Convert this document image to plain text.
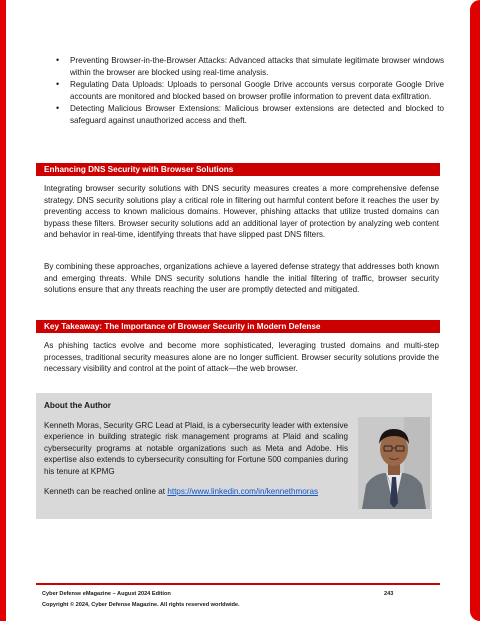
• Preventing Browser-in-the-Browser Attacks: Advanced attacks that simulate legitimate browser windows within the browser are blocked using real-time analysis.
• Regulating Data Uploads: Uploads to personal Google Drive accounts versus corporate Google Drive accounts are monitored and blocked based on browser profile information to prevent data exfiltration.
• Detecting Malicious Browser Extensions: Malicious browser extensions are detected and blocked to safeguard against unauthorized access and theft.
Enhancing DNS Security with Browser Solutions

Integrating browser security solutions with DNS security measures creates a more comprehensive defense strategy. DNS security solutions play a critical role in filtering out harmful content before it reaches the user by preventing access to known malicious domains. However, phishing attacks that utilize trusted domains can bypass these filters. Browser security solutions add an additional layer of protection by analyzing web content and behavior in real-time, identifying threats that have slipped past DNS filters.

By combining these approaches, organizations achieve a layered defense strategy that addresses both known and emerging threats. While DNS security solutions handle the initial filtering of traffic, browser security solutions ensure that any threats reaching the user are promptly detected and mitigated.

Key Takeaway: The Importance of Browser Security in Modern Defense

As phishing tactics evolve and become more sophisticated, leveraging trusted domains and multi-step processes, traditional security measures alone are no longer sufficient. Browser security solutions provide the necessary visibility and control at the point of attack—the web browser.

About the Author

Kenneth Moras, Security GRC Lead at Plaid, is a cybersecurity leader with extensive experience in building strategic risk management programs at Plaid and scaling cybersecurity programs at notable organizations such as Meta and Adobe. His expertise also extends to cybersecurity consulting for Fortune 500 companies during his tenure at KPMG

Kenneth can be reached online at https://www.linkedin.com/in/kennethmoras

Cyber Defense eMagazine – August 2024 Edition	243
Copyright © 2024, Cyber Defense Magazine. All rights reserved worldwide.
